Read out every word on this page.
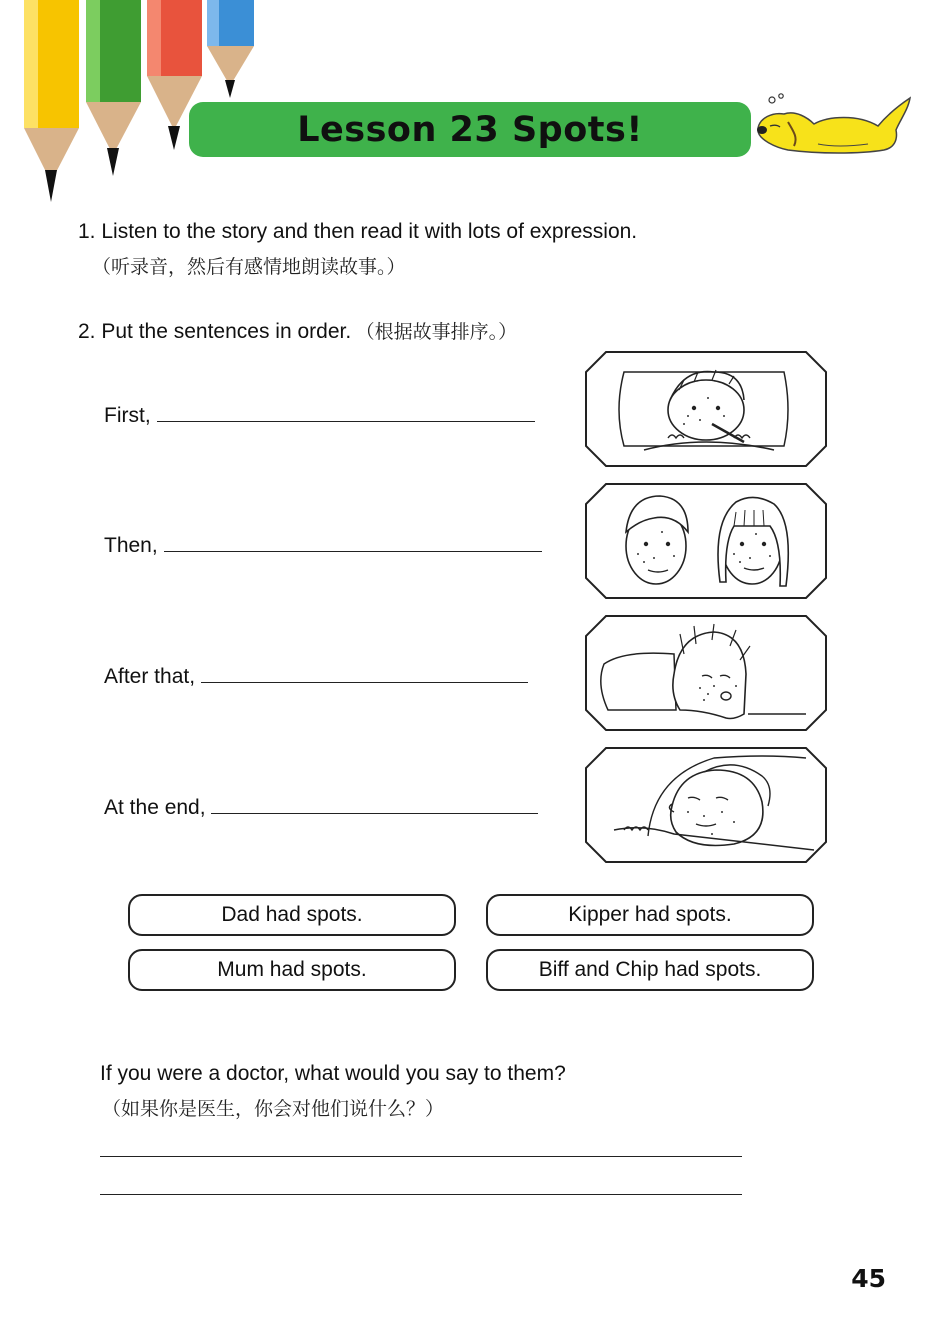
Lesson 23 Spots!
1. Listen to the story and then read it with lots of expression.
（听录音，然后有感情地朗读故事。）
2. Put the sentences in order. （根据故事排序。）
First,
Then,
After that,
At the end,
Dad had spots.	Kipper had spots.
Mum had spots.	Biff and Chip had spots.
If you were a doctor, what would you say to them?
（如果你是医生，你会对他们说什么？）
45
